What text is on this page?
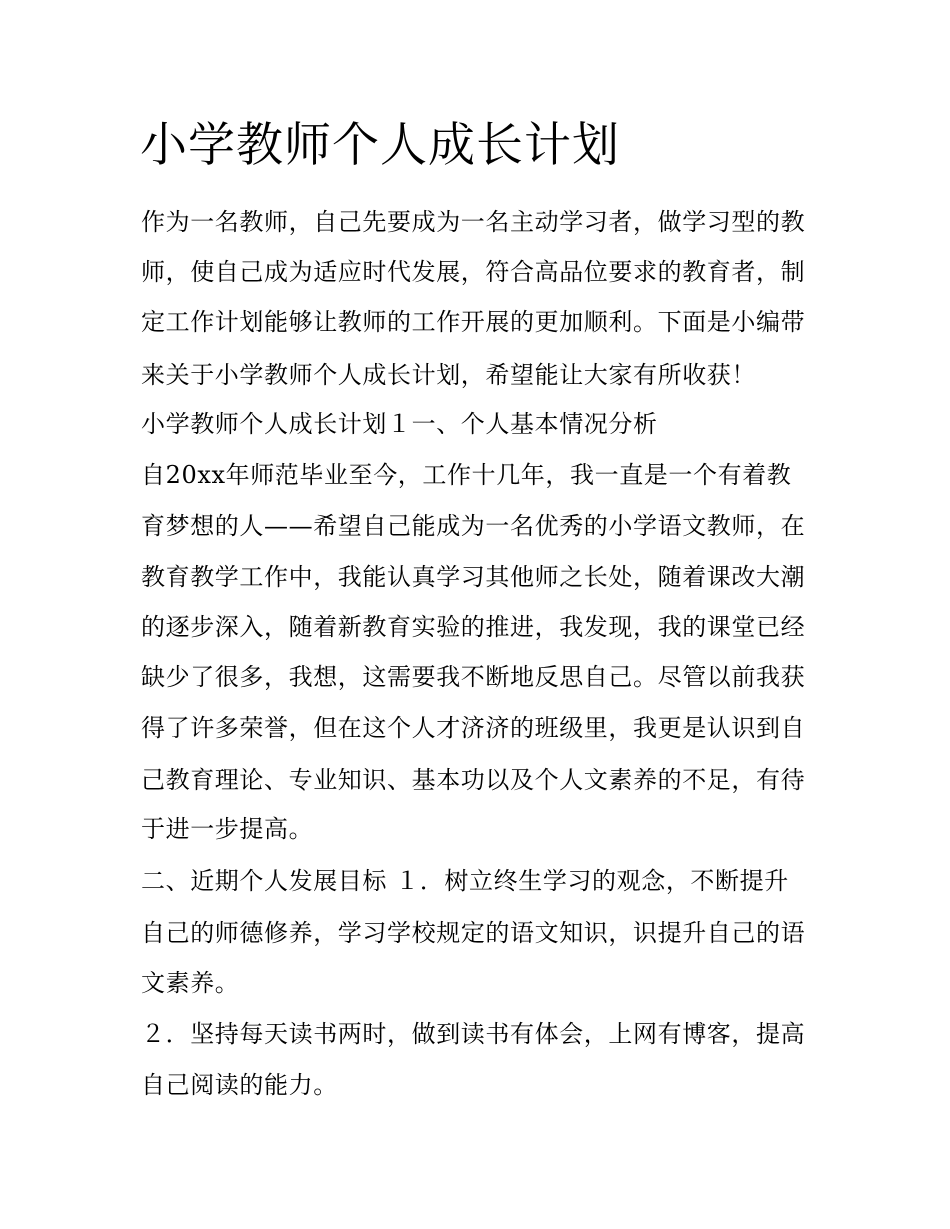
小学教师个人成长计划

作为一名教师，自己先要成为一名主动学习者，做学习型的教

师，使自己成为适应时代发展，符合高品位要求的教育者，制

定工作计划能够让教师的工作开展的更加顺利。下面是小编带

来关于小学教师个人成长计划，希望能让大家有所收获！

小学教师个人成长计划１一、个人基本情况分析

自20xx年师范毕业至今，工作十几年，我一直是一个有着教

育梦想的人——希望自己能成为一名优秀的小学语文教师，在

教育教学工作中，我能认真学习其他师之长处，随着课改大潮

的逐步深入，随着新教育实验的推进，我发现，我的课堂已经

缺少了很多，我想，这需要我不断地反思自己。尽管以前我获

得了许多荣誉，但在这个人才济济的班级里，我更是认识到自

己教育理论、专业知识、基本功以及个人文素养的不足，有待

于进一步提高。

二、近期个人发展目标 １．树立终生学习的观念，不断提升

自己的师德修养，学习学校规定的语文知识，识提升自己的语

文素养。

２．坚持每天读书两时，做到读书有体会，上网有博客，提高

自己阅读的能力。
